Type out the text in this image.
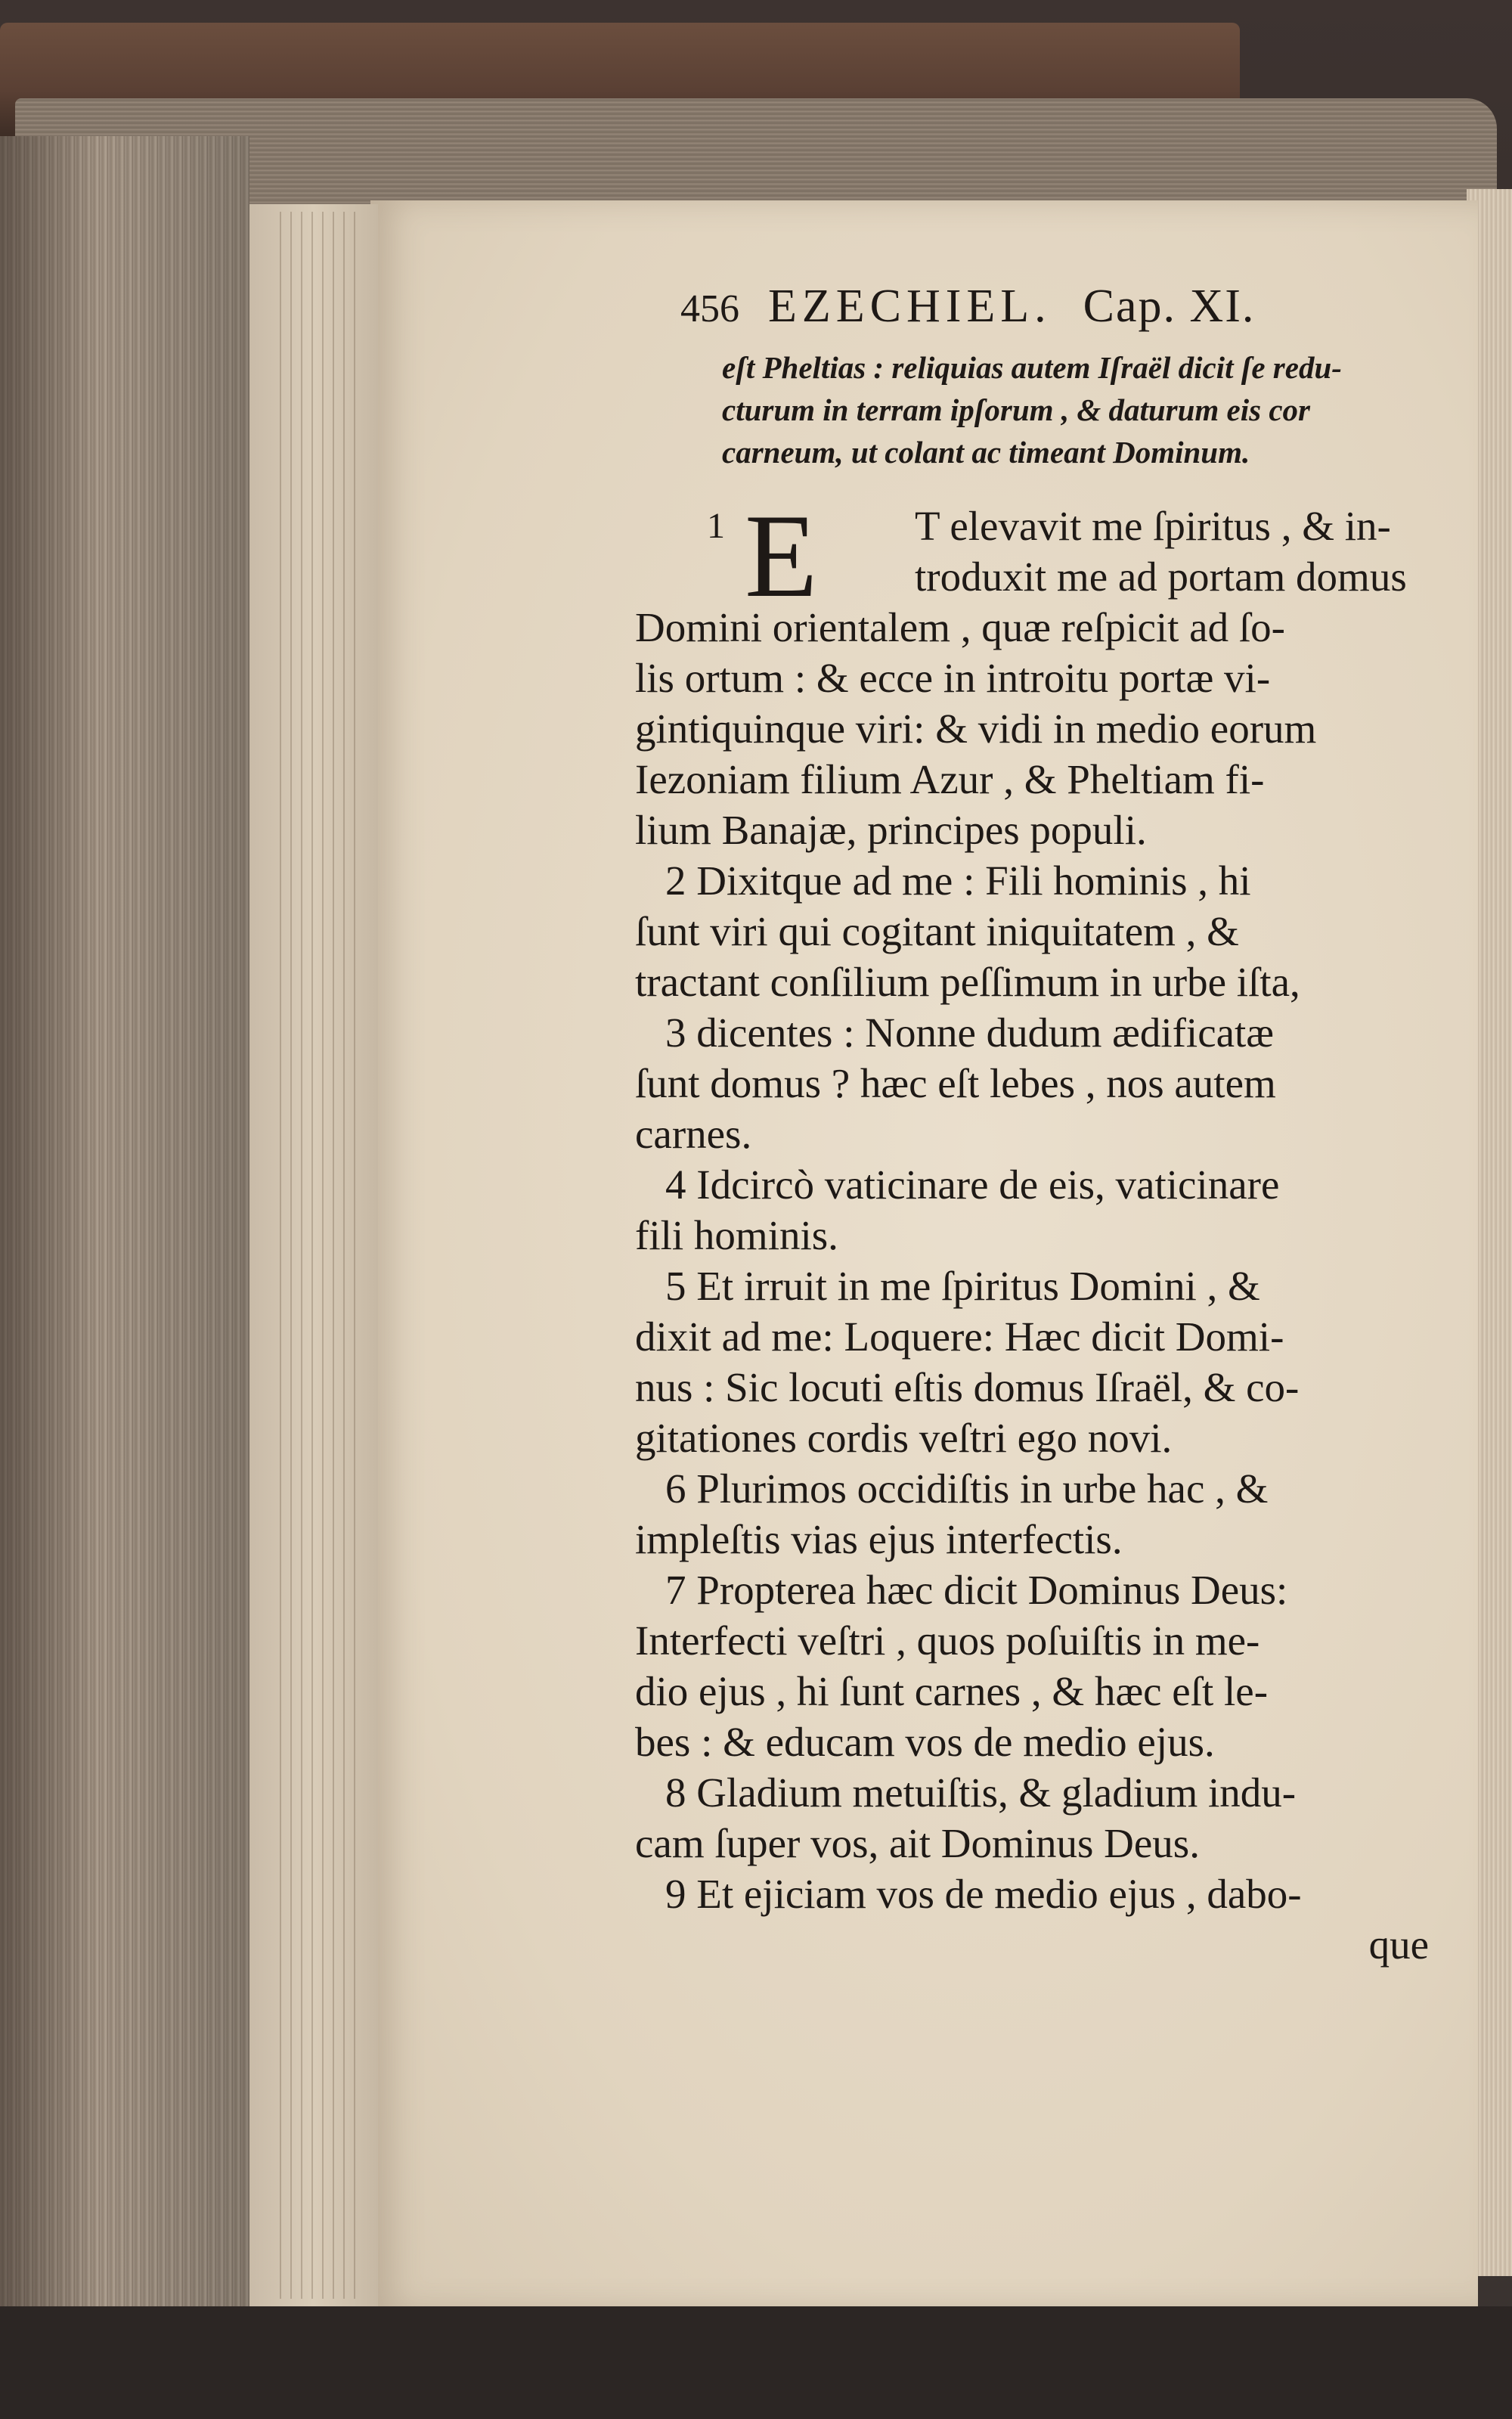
456 EZECHIEL. Cap. XI.
eſt Pheltias : reliquias autem Iſraël dicit ſe redu-
cturum in terram ipſorum , & daturum eis cor
carneum, ut colant ac timeant Dominum.
1 E	T elevavit me ſpiritus , & in-
troduxit me ad portam domus
Domini orientalem , quæ reſpicit ad ſo-
lis ortum : & ecce in introitu portæ vi-
gintiquinque viri: & vidi in medio eorum
Iezoniam filium Azur , & Pheltiam fi-
lium Banajæ, principes populi.
2 Dixitque ad me : Fili hominis , hi
ſunt viri qui cogitant iniquitatem , &
tractant conſilium peſſimum in urbe iſta,
3 dicentes : Nonne dudum ædificatæ
ſunt domus ? hæc eſt lebes , nos autem
carnes.
4 Idcircò vaticinare de eis, vaticinare
fili hominis.
5 Et irruit in me ſpiritus Domini , &
dixit ad me: Loquere: Hæc dicit Domi-
nus : Sic locuti eſtis domus Iſraël, & co-
gitationes cordis veſtri ego novi.
6 Plurimos occidiſtis in urbe hac , &
impleſtis vias ejus interfectis.
7 Propterea hæc dicit Dominus Deus:
Interfecti veſtri , quos poſuiſtis in me-
dio ejus , hi ſunt carnes , & hæc eſt le-
bes : & educam vos de medio ejus.
8 Gladium metuiſtis, & gladium indu-
cam ſuper vos, ait Dominus Deus.
9 Et ejiciam vos de medio ejus , dabo-
que
